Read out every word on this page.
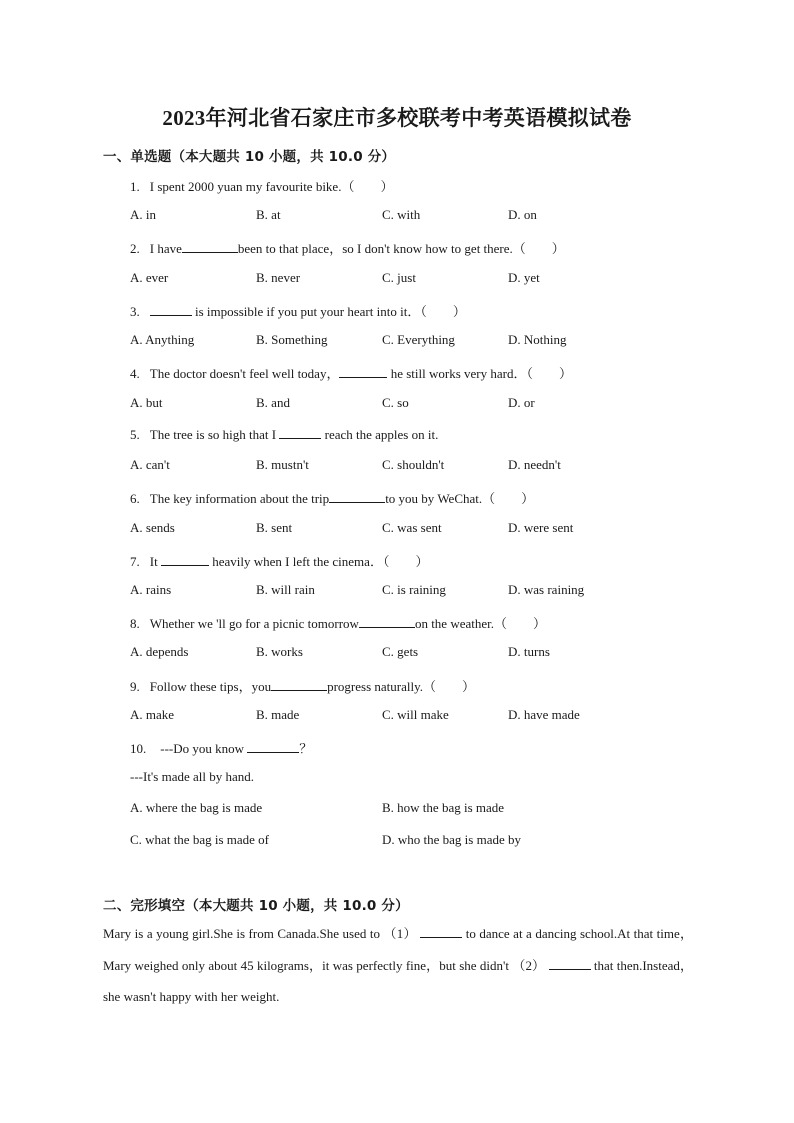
2023年河北省石家庄市多校联考中考英语模拟试卷
一、单选题（本大题共 10 小题，共 10.0 分）
1. I spent 2000 yuan my favourite bike.（　　）
A. in	B. at	C. with	D. on
2. I have	been to that place，so I don't know how to get there.（　　）
A. ever	B. never	C. just	D. yet
3.	is impossible if you put your heart into it．（　　）
A. Anything	B. Something	C. Everything	D. Nothing
4. The doctor doesn't feel well today，	he still works very hard．（　　）
A. but	B. and	C. so	D. or
5. The tree is so high that I	reach the apples on it.
A. can't	B. mustn't	C. shouldn't	D. needn't
6. The key information about the trip	to you by WeChat.（　　）
A. sends	B. sent	C. was sent	D. were sent
7. It	heavily when I left the cinema．（　　）
A. rains	B. will rain	C. is raining	D. was raining
8. Whether we 'll go for a picnic tomorrow	on the weather.（　　）
A. depends	B. works	C. gets	D. turns
9. Follow these tips，you	progress naturally.（　　）
A. make	B. made	C. will make	D. have made
10. ---Do you know	？
---It's made all by hand.
A. where the bag is made	B. how the bag is made
C. what the bag is made of	D. who the bag is made by
二、完形填空（本大题共 10 小题，共 10.0 分）
Mary is a young girl.She is from Canada.She used to （1）	to dance at a dancing school.At that time，Mary weighed only about 45 kilograms，it was perfectly fine，but she didn't （2）	that then.Instead，she wasn't happy with her weight.
